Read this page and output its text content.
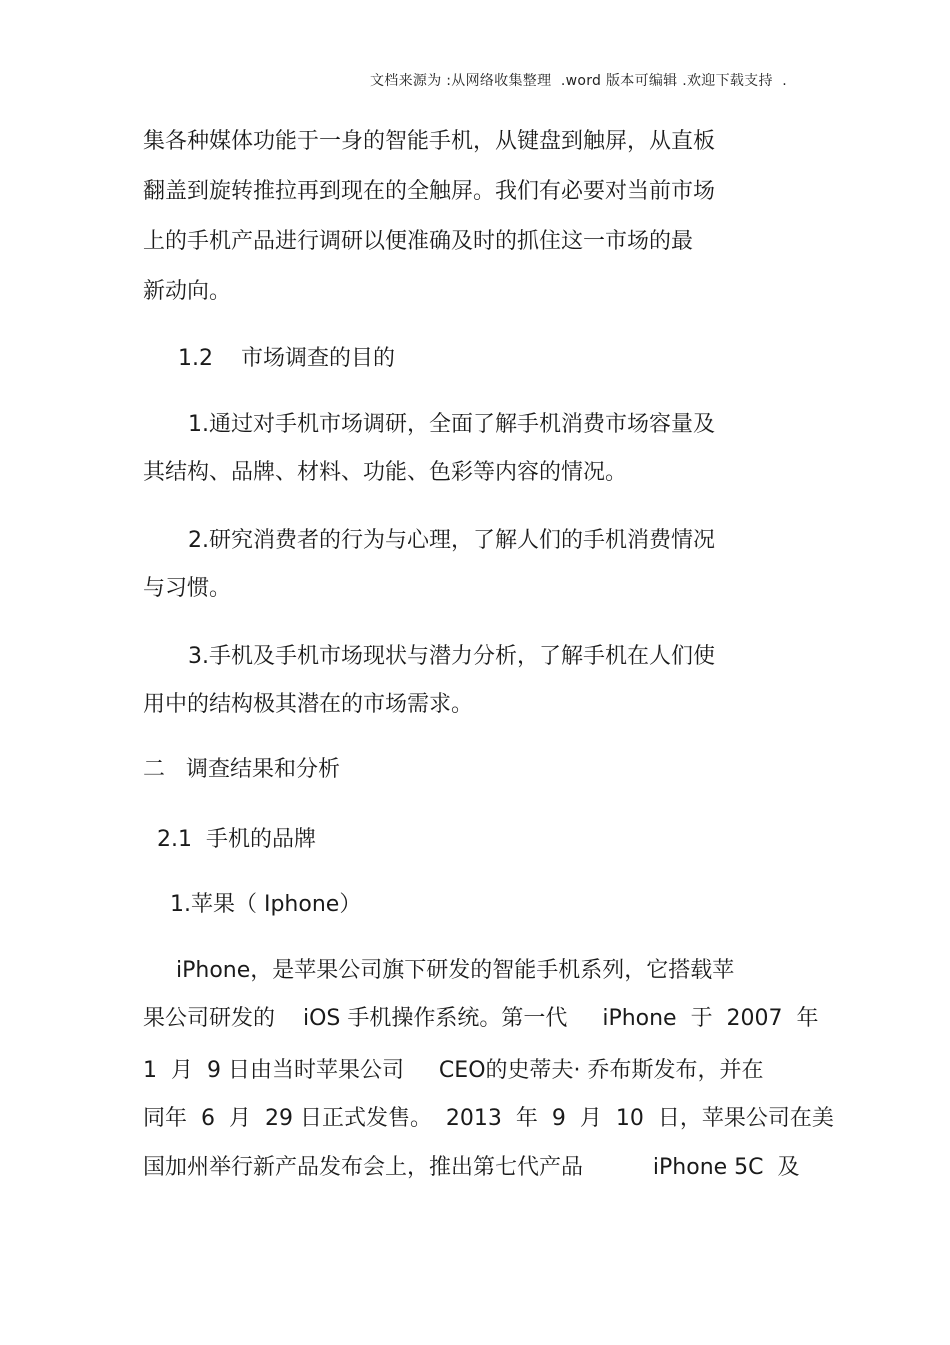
文档来源为 :从网络收集整理  .word 版本可编辑 .欢迎下载支持  .
集各种媒体功能于一身的智能手机，从键盘到触屏，从直板
翻盖到旋转推拉再到现在的全触屏。我们有必要对当前市场
上的手机产品进行调研以便准确及时的抓住这一市场的最
新动向。
1.2    市场调查的目的
1.通过对手机市场调研，全面了解手机消费市场容量及
其结构、品牌、材料、功能、色彩等内容的情况。
2.研究消费者的行为与心理，了解人们的手机消费情况
与习惯。
3.手机及手机市场现状与潜力分析，了解手机在人们使
用中的结构极其潜在的市场需求。
二   调查结果和分析
2.1  手机的品牌
1.苹果（ Iphone）
iPhone，是苹果公司旗下研发的智能手机系列，它搭载苹
果公司研发的    iOS 手机操作系统。第一代     iPhone  于  2007  年
1  月  9 日由当时苹果公司     CEO的史蒂夫· 乔布斯发布，并在
同年  6  月  29 日正式发售。  2013  年  9  月  10  日，苹果公司在美
国加州举行新产品发布会上，推出第七代产品          iPhone 5C  及
